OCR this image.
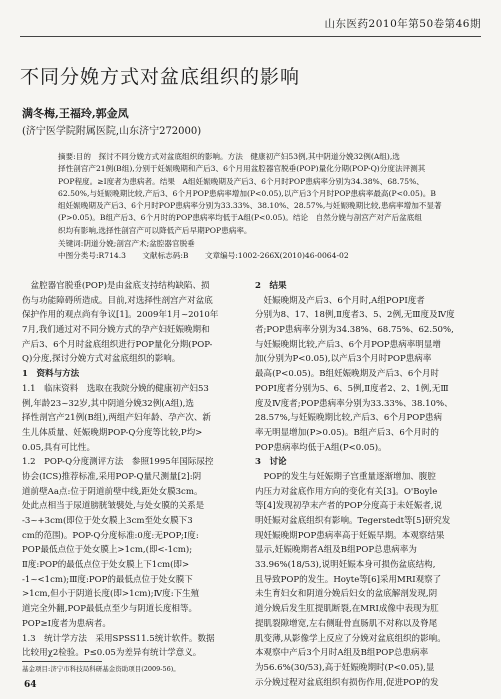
山东医药2010年第50卷第46期
不同分娩方式对盆底组织的影响
满冬梅,王福玲,郭金凤
(济宁医学院附属医院,山东济宁272000)
摘要:目的　探讨不同分娩方式对盆底组织的影响。方法　健康初产妇53例,其中阴道分娩32例(A组),选
择性剖宫产21例(B组),分别于妊娠晚期和产后3、6个月用盆腔器官脱垂(POP)量化分期(POP-Q)分度法评测其
POP程度。≥Ⅰ度者为患病者。结果　A组妊娠晚期及产后3、6个月时POP患病率分别为34.38%、68.75%、
62.50%,与妊娠晚期比较,产后3、6个月POP患病率增加(P<0.05),以产后3个月时POP患病率最高(P<0.05)。B
组妊娠晚期及产后3、6个月时POP患病率分别为33.33%、38.10%、28.57%,与妊娠晚期比较,患病率增加不显著
(P>0.05)。B组产后3、6个月时的POP患病率均低于A组(P<0.05)。结论　自然分娩与剖宫产对产后盆底组
织均有影响,选择性剖宫产可以降低产后早期POP患病率。
关键词:阴道分娩;剖宫产术;盆腔器官脱垂
中图分类号:R714.3 文献标志码:B 文章编号:1002-266X(2010)46-0064-02
　盆腔器官脱垂(POP)是由盆底支持结构缺陷、损
伤与功能障碍所造成。目前,对选择性剖宫产对盆底
保护作用的观点尚有争议[1]。2009年1月~2010年
7月,我们通过对不同分娩方式的孕产妇妊娠晚期和
产后3、6个月时盆底组织进行POP量化分期(POP-
Q)分度,探讨分娩方式对盆底组织的影响。
1　资料与方法
1.1　临床资料　选取在我院分娩的健康初产妇53
例,年龄23~32岁,其中阴道分娩32例(A组),选
择性剖宫产21例(B组),两组产妇年龄、孕产次、新
生儿体质量、妊娠晚期POP-Q分度等比较,P均>
0.05,具有可比性。
1.2　POP-Q分度测评方法　参照1995年国际尿控
协会(ICS)推荐标准,采用POP-Q量尺测量[2]:阴
道前壁Aa点:位于阴道前壁中线,距处女膜3cm。
处此点相当于尿道膀胱皱襞处,与处女膜的关系是
-3~+3cm(即位于处女膜上3cm至处女膜下3
cm的范围)。POP-Q分度标准:0度:无POP;Ⅰ度:
POP最低点位于处女膜上>1cm,(即<-1cm);
Ⅱ度:POP的最低点位于处女膜上下1cm(即>
-1~<1cm);Ⅲ度:POP的最低点位于处女膜下
>1cm,但小于阴道长度(即>1cm);Ⅳ度:下生殖
道完全外翻,POP最低点至少与阴道长度相等。
POP≥Ⅰ度者为患病者。
1.3　统计学方法　采用SPSS11.5统计软件。数据
比较用χ2检验。P≤0.05为差异有统计学意义。
2　结果
　妊娠晚期及产后3、6个月时,A组POPⅠ度者
分别为8、17、18例,Ⅱ度者3、5、2例,无Ⅲ度及Ⅳ度
者;POP患病率分别为34.38%、68.75%、62.50%,
与妊娠晚期比较,产后3、6个月POP患病率明显增
加(分别为P<0.05),以产后3个月时POP患病率
最高(P<0.05)。B组妊娠晚期及产后3、6个月时
POPⅠ度者分别为5、6、5例,Ⅱ度者2、2、1例,无Ⅲ
度及Ⅳ度者;POP患病率分别为33.33%、38.10%、
28.57%,与妊娠晚期比较,产后3、6个月POP患病
率无明显增加(P>0.05)。B组产后3、6个月时的
POP患病率均低于A组(P<0.05)。
3　讨论
　POP的发生与妊娠期子宫重量逐渐增加、腹腔
内压力对盆底作用方向的变化有关[3]。O'Boyle
等[4]发现初孕末产者的POP分度高于未妊娠者,说
明妊娠对盆底组织有影响。Tegerstedt等[5]研究发
现妊娠晚期POP患病率高于妊娠早期。本观察结果
显示,妊娠晚期者A组及B组POP总患病率为
33.96%(18/53),说明妊娠本身可损伤盆底结构,
且导致POP的发生。Hoyte等[6]采用MRI观察了
未生育妇女和阴道分娩后妇女的盆底解剖发现,阴
道分娩后发生肛提肌断裂,在MRI成像中表现为肛
提肌裂隙增宽,左右侧耻骨直肠肌不对称以及脊尾
肌变薄,从影像学上反应了分娩对盆底组织的影响。
本观察中产后3个月时A组及B组POP总患病率
为56.6%(30/53),高于妊娠晚期时(P<0.05),显
示分娩过程对盆底组织有损伤作用,促进POP的发
基金项目:济宁市科技局科研基金资助项目(2009-56)。
64
